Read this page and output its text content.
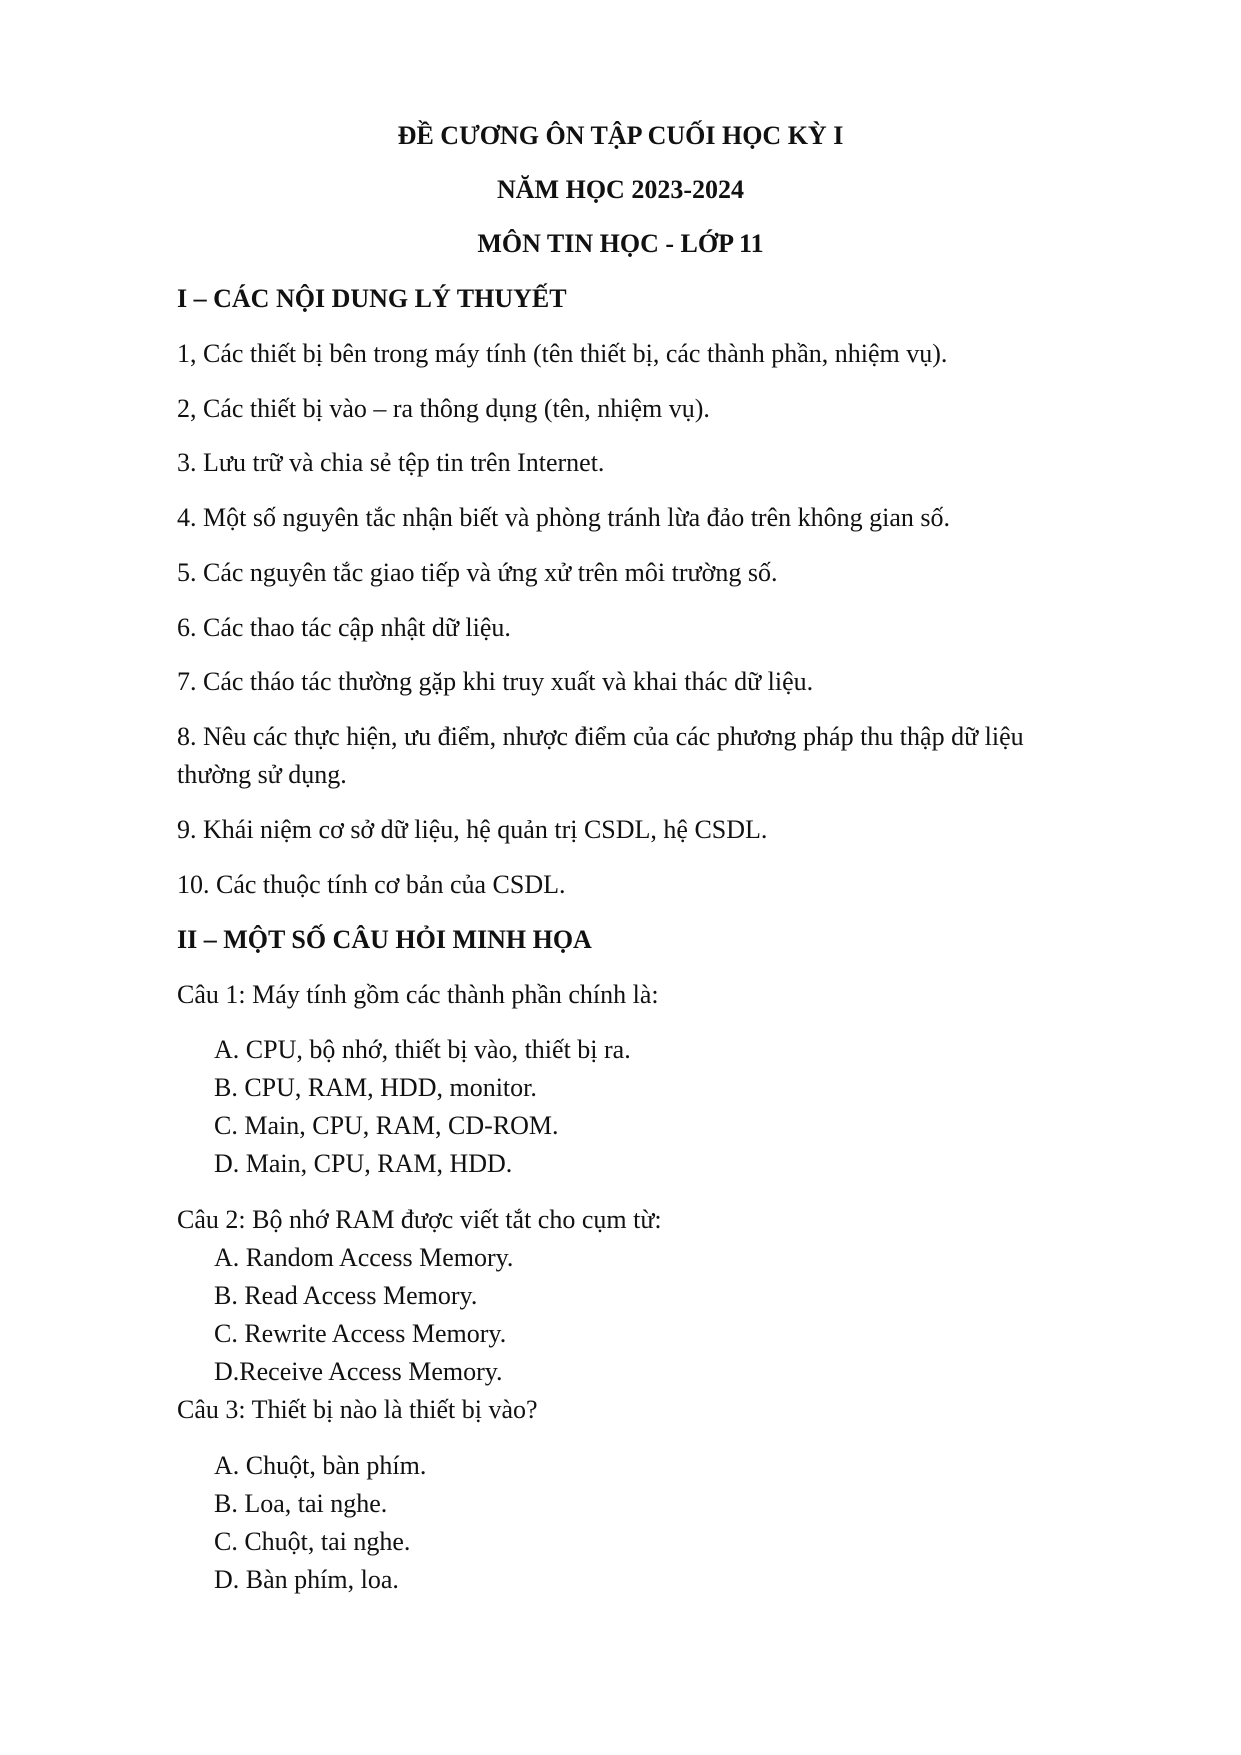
ĐỀ CƯƠNG ÔN TẬP CUỐI HỌC KỲ I
NĂM HỌC 2023-2024
MÔN TIN HỌC - LỚP 11
I – CÁC NỘI DUNG LÝ THUYẾT
1, Các thiết bị bên trong máy tính (tên thiết bị, các thành phần, nhiệm vụ).
2, Các thiết bị vào – ra thông dụng (tên, nhiệm vụ).
3. Lưu trữ và chia sẻ tệp tin trên Internet.
4. Một số nguyên tắc nhận biết và phòng tránh lừa đảo trên không gian số.
5. Các nguyên tắc giao tiếp và ứng xử trên môi trường số.
6. Các thao tác cập nhật dữ liệu.
7. Các tháo tác thường gặp khi truy xuất và khai thác dữ liệu.
8. Nêu các thực hiện, ưu điểm, nhược điểm của các phương pháp thu thập dữ liệu
thường sử dụng.
9. Khái niệm cơ sở dữ liệu, hệ quản trị CSDL, hệ CSDL.
10. Các thuộc tính cơ bản của CSDL.
II – MỘT SỐ CÂU HỎI MINH HỌA
Câu 1: Máy tính gồm các thành phần chính là:
A. CPU, bộ nhớ, thiết bị vào, thiết bị ra.
B. CPU, RAM, HDD, monitor.
C. Main, CPU, RAM, CD-ROM.
D. Main, CPU, RAM, HDD.
Câu 2: Bộ nhớ RAM được viết tắt cho cụm từ:
A. Random Access Memory.
B. Read Access Memory.
C. Rewrite Access Memory.
D.Receive Access Memory.
Câu 3: Thiết bị nào là thiết bị vào?
A. Chuột, bàn phím.
B. Loa, tai nghe.
C. Chuột, tai nghe.
D. Bàn phím, loa.
